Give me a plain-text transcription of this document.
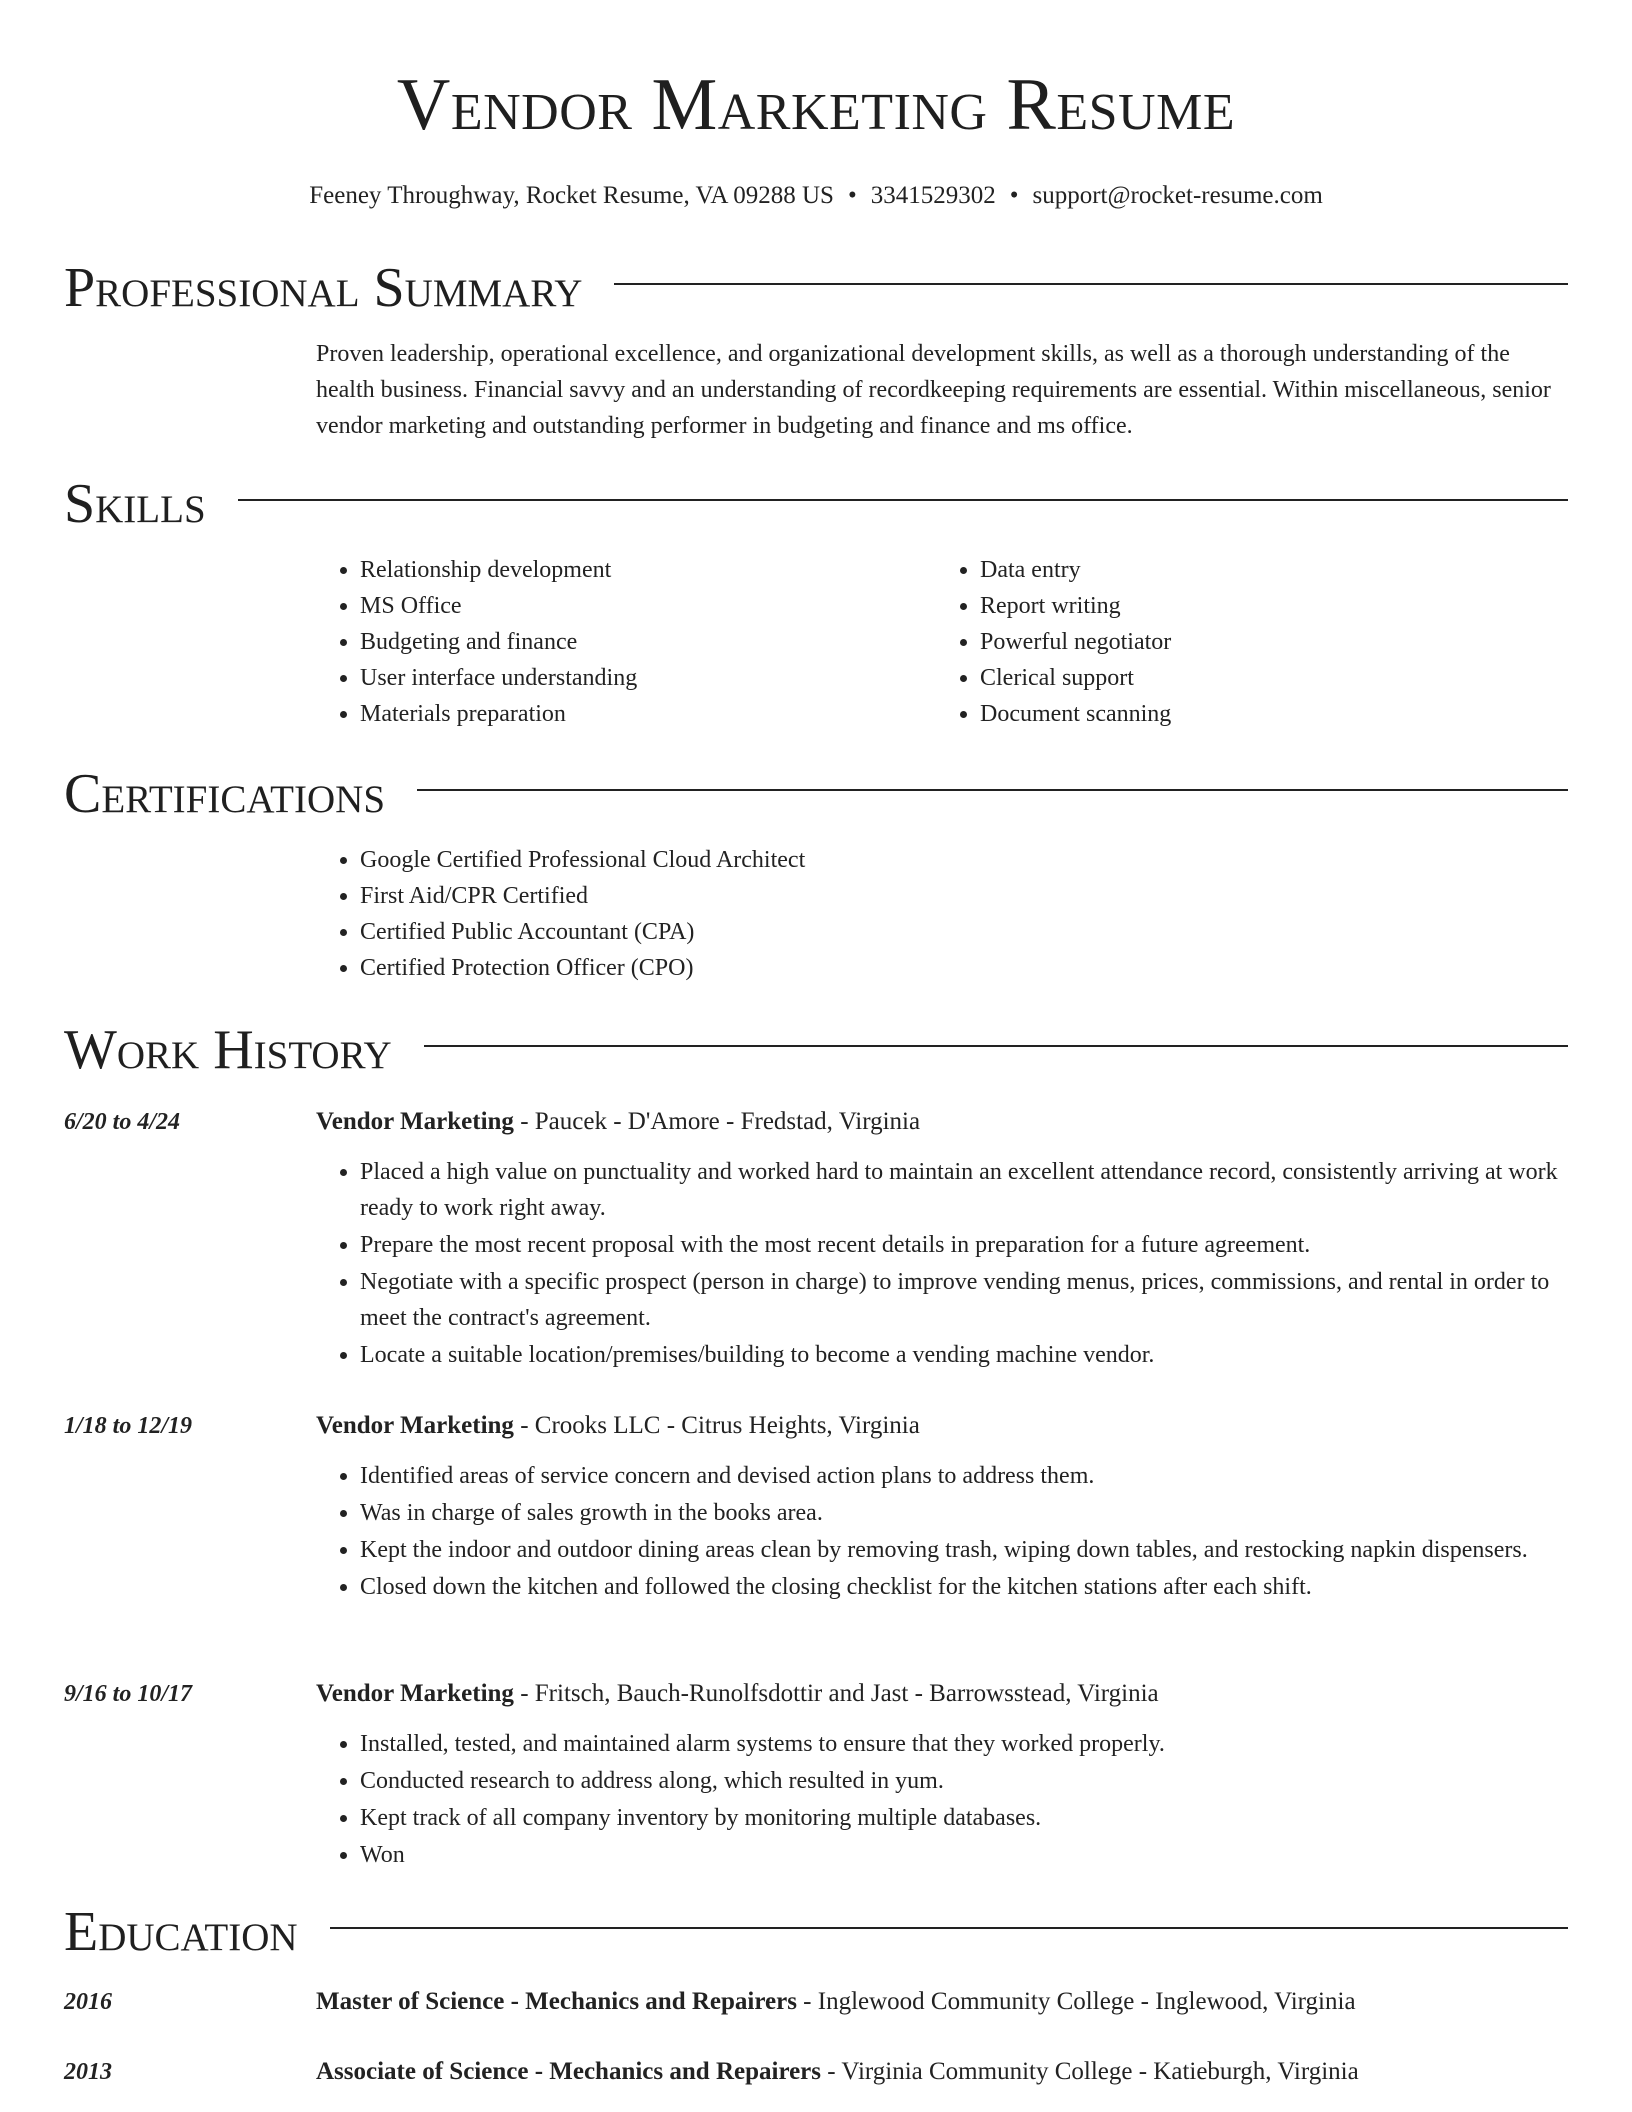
Vendor Marketing Resume
Feeney Throughway, Rocket Resume, VA 09288 US • 3341529302 • support@rocket-resume.com
Professional Summary
Proven leadership, operational excellence, and organizational development skills, as well as a thorough understanding of the health business. Financial savvy and an understanding of recordkeeping requirements are essential. Within miscellaneous, senior vendor marketing and outstanding performer in budgeting and finance and ms office.
Skills
• Relationship development
• MS Office
• Budgeting and finance
• User interface understanding
• Materials preparation
• Data entry
• Report writing
• Powerful negotiator
• Clerical support
• Document scanning
Certifications
• Google Certified Professional Cloud Architect
• First Aid/CPR Certified
• Certified Public Accountant (CPA)
• Certified Protection Officer (CPO)
Work History
6/20 to 4/24	Vendor Marketing - Paucek - D'Amore - Fredstad, Virginia
• Placed a high value on punctuality and worked hard to maintain an excellent attendance record, consistently arriving at work ready to work right away.
• Prepare the most recent proposal with the most recent details in preparation for a future agreement.
• Negotiate with a specific prospect (person in charge) to improve vending menus, prices, commissions, and rental in order to meet the contract's agreement.
• Locate a suitable location/premises/building to become a vending machine vendor.
1/18 to 12/19	Vendor Marketing - Crooks LLC - Citrus Heights, Virginia
• Identified areas of service concern and devised action plans to address them.
• Was in charge of sales growth in the books area.
• Kept the indoor and outdoor dining areas clean by removing trash, wiping down tables, and restocking napkin dispensers.
• Closed down the kitchen and followed the closing checklist for the kitchen stations after each shift.
9/16 to 10/17	Vendor Marketing - Fritsch, Bauch-Runolfsdottir and Jast - Barrowsstead, Virginia
• Installed, tested, and maintained alarm systems to ensure that they worked properly.
• Conducted research to address along, which resulted in yum.
• Kept track of all company inventory by monitoring multiple databases.
• Won
Education
2016	Master of Science - Mechanics and Repairers - Inglewood Community College - Inglewood, Virginia
2013	Associate of Science - Mechanics and Repairers - Virginia Community College - Katieburgh, Virginia
